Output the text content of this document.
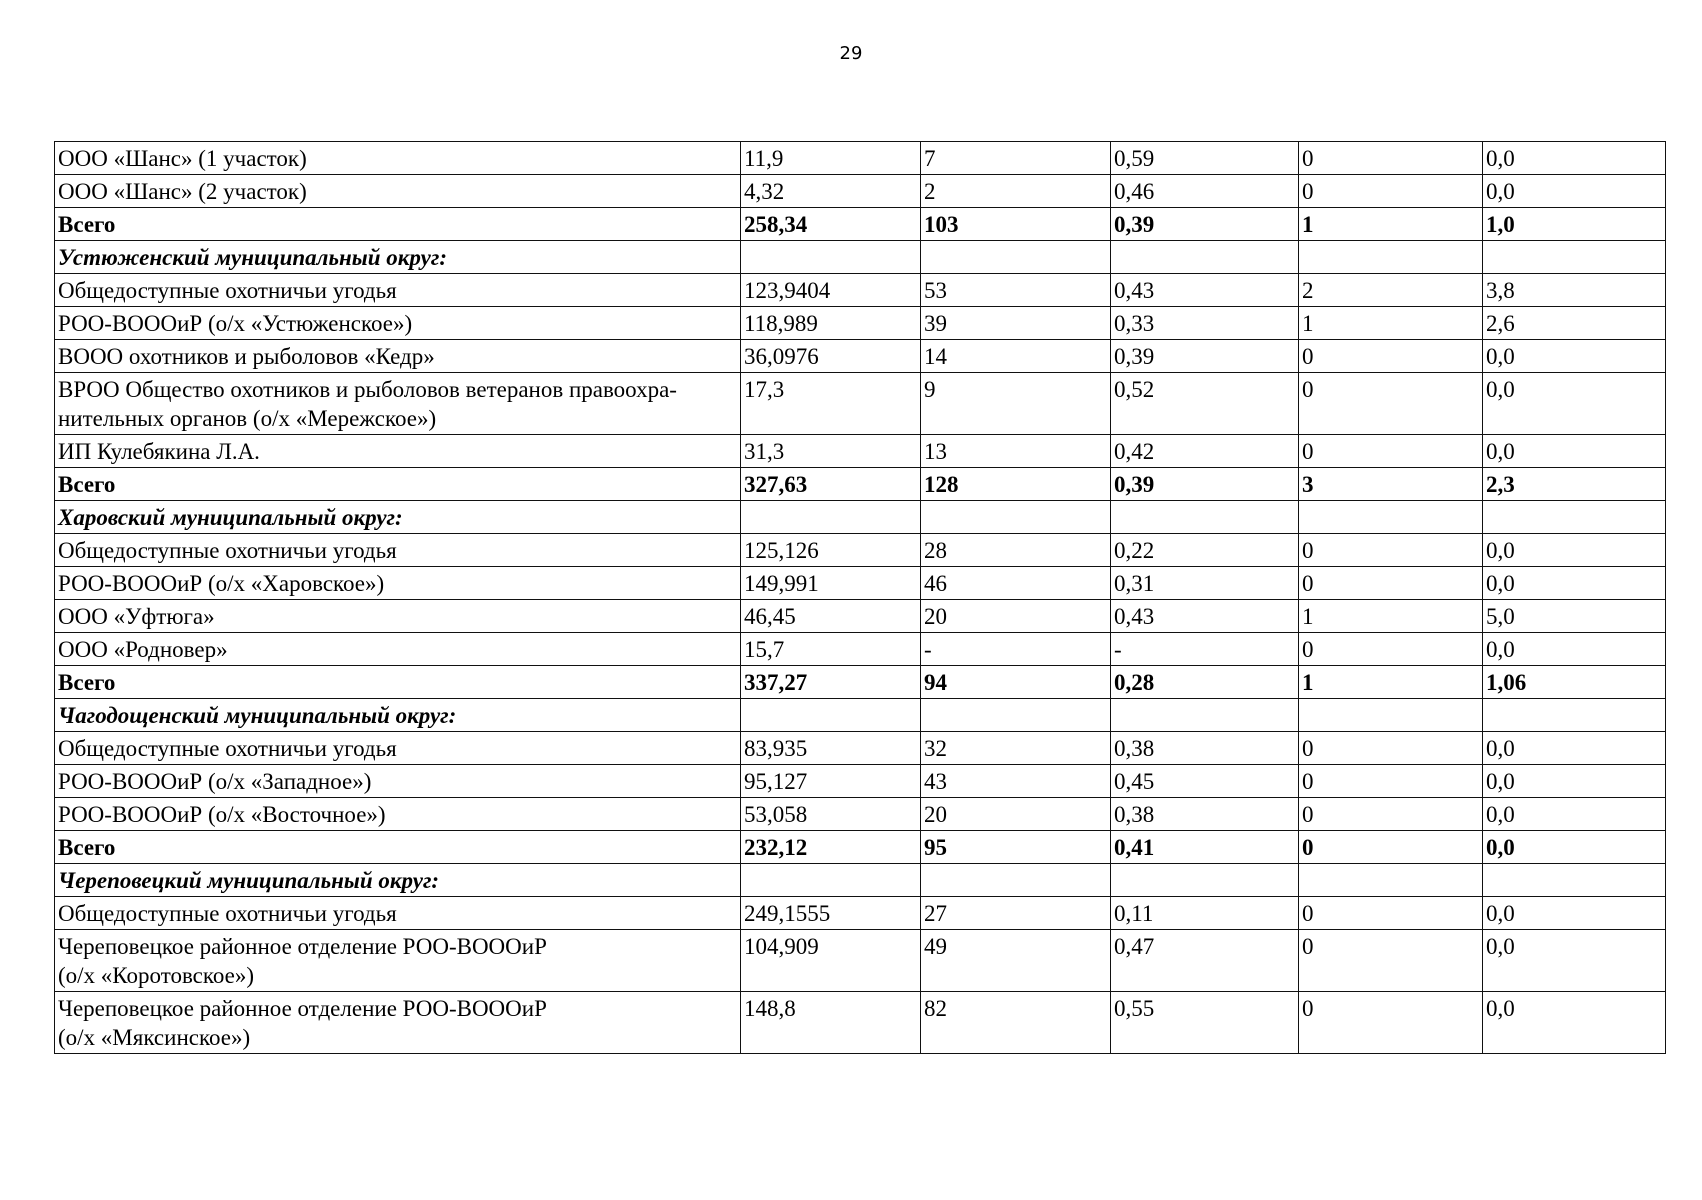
29
ООО «Шанс» (1 участок)	11,9	7	0,59	0	0,0
ООО «Шанс» (2 участок)	4,32	2	0,46	0	0,0
Всего	258,34	103	0,39	1	1,0
Устюженский муниципальный округ:					
Общедоступные охотничьи угодья	123,9404	53	0,43	2	3,8
РОО-ВОООиР (о/х «Устюженское»)	118,989	39	0,33	1	2,6
ВООО охотников и рыболовов «Кедр»	36,0976	14	0,39	0	0,0
ВРОО Общество охотников и рыболовов ветеранов правоохра-нительных органов (о/х «Мережское»)	17,3	9	0,52	0	0,0
ИП Кулебякина Л.А.	31,3	13	0,42	0	0,0
Всего	327,63	128	0,39	3	2,3
Харовский муниципальный округ:					
Общедоступные охотничьи угодья	125,126	28	0,22	0	0,0
РОО-ВОООиР (о/х «Харовское»)	149,991	46	0,31	0	0,0
ООО «Уфтюга»	46,45	20	0,43	1	5,0
ООО «Родновер»	15,7	-	-	0	0,0
Всего	337,27	94	0,28	1	1,06
Чагодощенский муниципальный округ:					
Общедоступные охотничьи угодья	83,935	32	0,38	0	0,0
РОО-ВОООиР (о/х «Западное»)	95,127	43	0,45	0	0,0
РОО-ВОООиР (о/х «Восточное»)	53,058	20	0,38	0	0,0
Всего	232,12	95	0,41	0	0,0
Череповецкий муниципальный округ:					
Общедоступные охотничьи угодья	249,1555	27	0,11	0	0,0
Череповецкое районное отделение РОО-ВОООиР
(о/х «Коротовское»)	104,909	49	0,47	0	0,0
Череповецкое районное отделение РОО-ВОООиР
(о/х «Мяксинское»)	148,8	82	0,55	0	0,0
